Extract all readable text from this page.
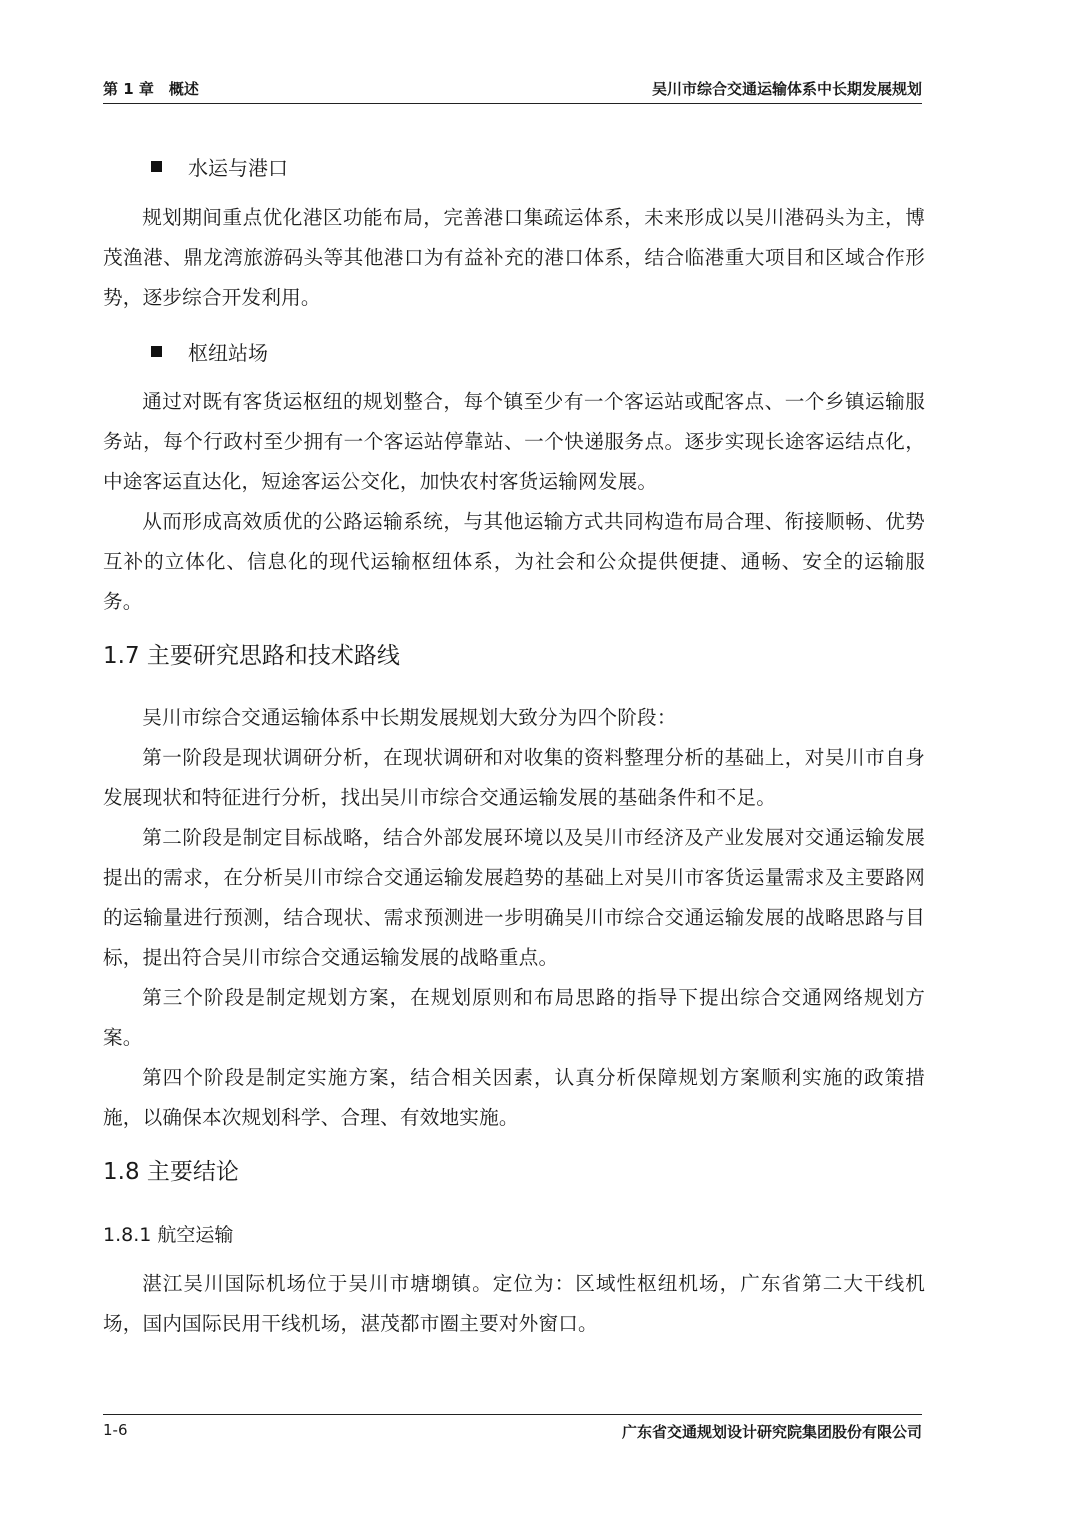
第 1 章　概述	吴川市综合交通运输体系中长期发展规划
水运与港口

规划期间重点优化港区功能布局，完善港口集疏运体系，未来形成以吴川港码头为主，博茂渔港、鼎龙湾旅游码头等其他港口为有益补充的港口体系，结合临港重大项目和区域合作形势，逐步综合开发利用。

枢纽站场

通过对既有客货运枢纽的规划整合，每个镇至少有一个客运站或配客点、一个乡镇运输服务站，每个行政村至少拥有一个客运站停靠站、一个快递服务点。逐步实现长途客运结点化，中途客运直达化，短途客运公交化，加快农村客货运输网发展。

从而形成高效质优的公路运输系统，与其他运输方式共同构造布局合理、衔接顺畅、优势互补的立体化、信息化的现代运输枢纽体系，为社会和公众提供便捷、通畅、安全的运输服务。

1.7 主要研究思路和技术路线

吴川市综合交通运输体系中长期发展规划大致分为四个阶段：

第一阶段是现状调研分析，在现状调研和对收集的资料整理分析的基础上，对吴川市自身发展现状和特征进行分析，找出吴川市综合交通运输发展的基础条件和不足。

第二阶段是制定目标战略，结合外部发展环境以及吴川市经济及产业发展对交通运输发展提出的需求，在分析吴川市综合交通运输发展趋势的基础上对吴川市客货运量需求及主要路网的运输量进行预测，结合现状、需求预测进一步明确吴川市综合交通运输发展的战略思路与目标，提出符合吴川市综合交通运输发展的战略重点。

第三个阶段是制定规划方案，在规划原则和布局思路的指导下提出综合交通网络规划方案。

第四个阶段是制定实施方案，结合相关因素，认真分析保障规划方案顺利实施的政策措施，以确保本次规划科学、合理、有效地实施。

1.8 主要结论
1.8.1 航空运输

湛江吴川国际机场位于吴川市塘㙟镇。定位为：区域性枢纽机场，广东省第二大干线机场，国内国际民用干线机场，湛茂都市圈主要对外窗口。

1-6	广东省交通规划设计研究院集团股份有限公司
